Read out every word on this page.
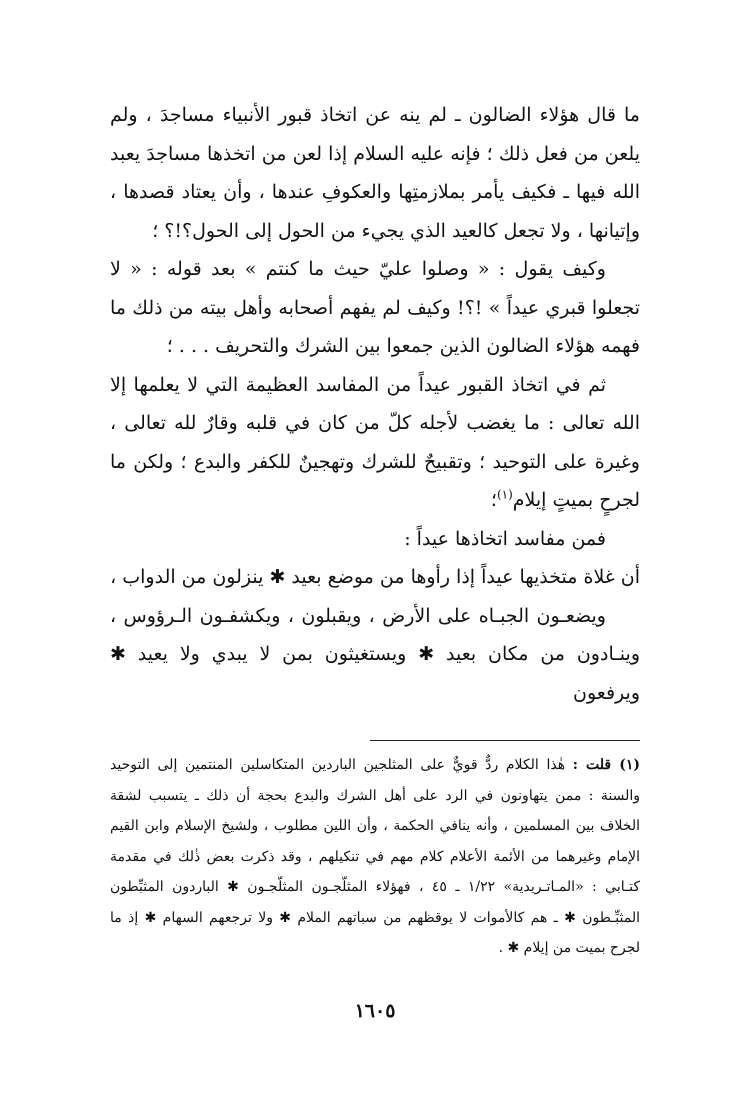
ما قال هؤلاء الضالون ـ لم ينه عن اتخاذ قبور الأنبياء مساجدَ ، ولم يلعن من فعل ذلك ؛ فإنه عليه السلام إذا لعن من اتخذها مساجدَ يعبد الله فيها ـ فكيف يأمر بملازمتِها والعكوفِ عندها ، وأن يعتاد قصدها ، وإتيانها ، ولا تجعل كالعيد الذي يجيء من الحول إلى الحول؟!؟ ؛

وكيف يقول : « وصلوا عليّ حيث ما كنتم » بعد قوله : « لا تجعلوا قبري عيداً » !؟! وكيف لم يفهم أصحابه وأهل بيته من ذلك ما فهمه هؤلاء الضالون الذين جمعوا بين الشرك والتحريف . . . ؛

ثم في اتخاذ القبور عيداً من المفاسد العظيمة التي لا يعلمها إلا الله تعالى : ما يغضب لأجله كلّ من كان في قلبه وقارٌ لله تعالى ، وغيرة على التوحيد ؛ وتقبيحٌ للشرك وتهجينٌ للكفر والبدع ؛ ولكن ما لجرحٍ بميتٍ إيلام$^{(١)}$؛

فمن مفاسد اتخاذها عيداً :

أن غلاة متخذيها عيداً إذا رأوها من موضع بعيد ✱ ينزلون من الدواب ،

ويضعـون الجبـاه على الأرض ، ويقبلون ، ويكشفـون الـرؤوس ، وينـادون من مكان بعيد ✱ ويستغيثون بمن لا يبدي ولا يعيد ✱ ويرفعون

(١) قلت : هٰذا الكلام ردٌّ قويٌّ على المثلجين الباردين المتكاسلين المنتمين إلى التوحيد والسنة : ممن يتهاونون في الرد على أهل الشرك والبدع بحجة أن ذلك ـ يتسبب لشقة الخلاف بين المسلمين ، وأنه ينافي الحكمة ، وأن اللين مطلوب ، ولشيخ الإسلام وابن القيم الإمام وغيرهما من الأئمة الأعلام كلام مهم في تنكيلهم ، وقد ذكرت بعض ذٰلك في مقدمة كتـابي : «المـاتـريدية» ١/٢٢ ـ ٤٥ ، فهؤلاء المثلّجـون المثلّجـون ✱ الباردون المثبِّطون المثبِّـطون ✱ ـ هم كالأموات لا يوقظهم من سباتهم الملام ✱ ولا ترجعهم السهام ✱ إذ ما لجرح بميت من إيلام ✱ .

١٦٠٥
